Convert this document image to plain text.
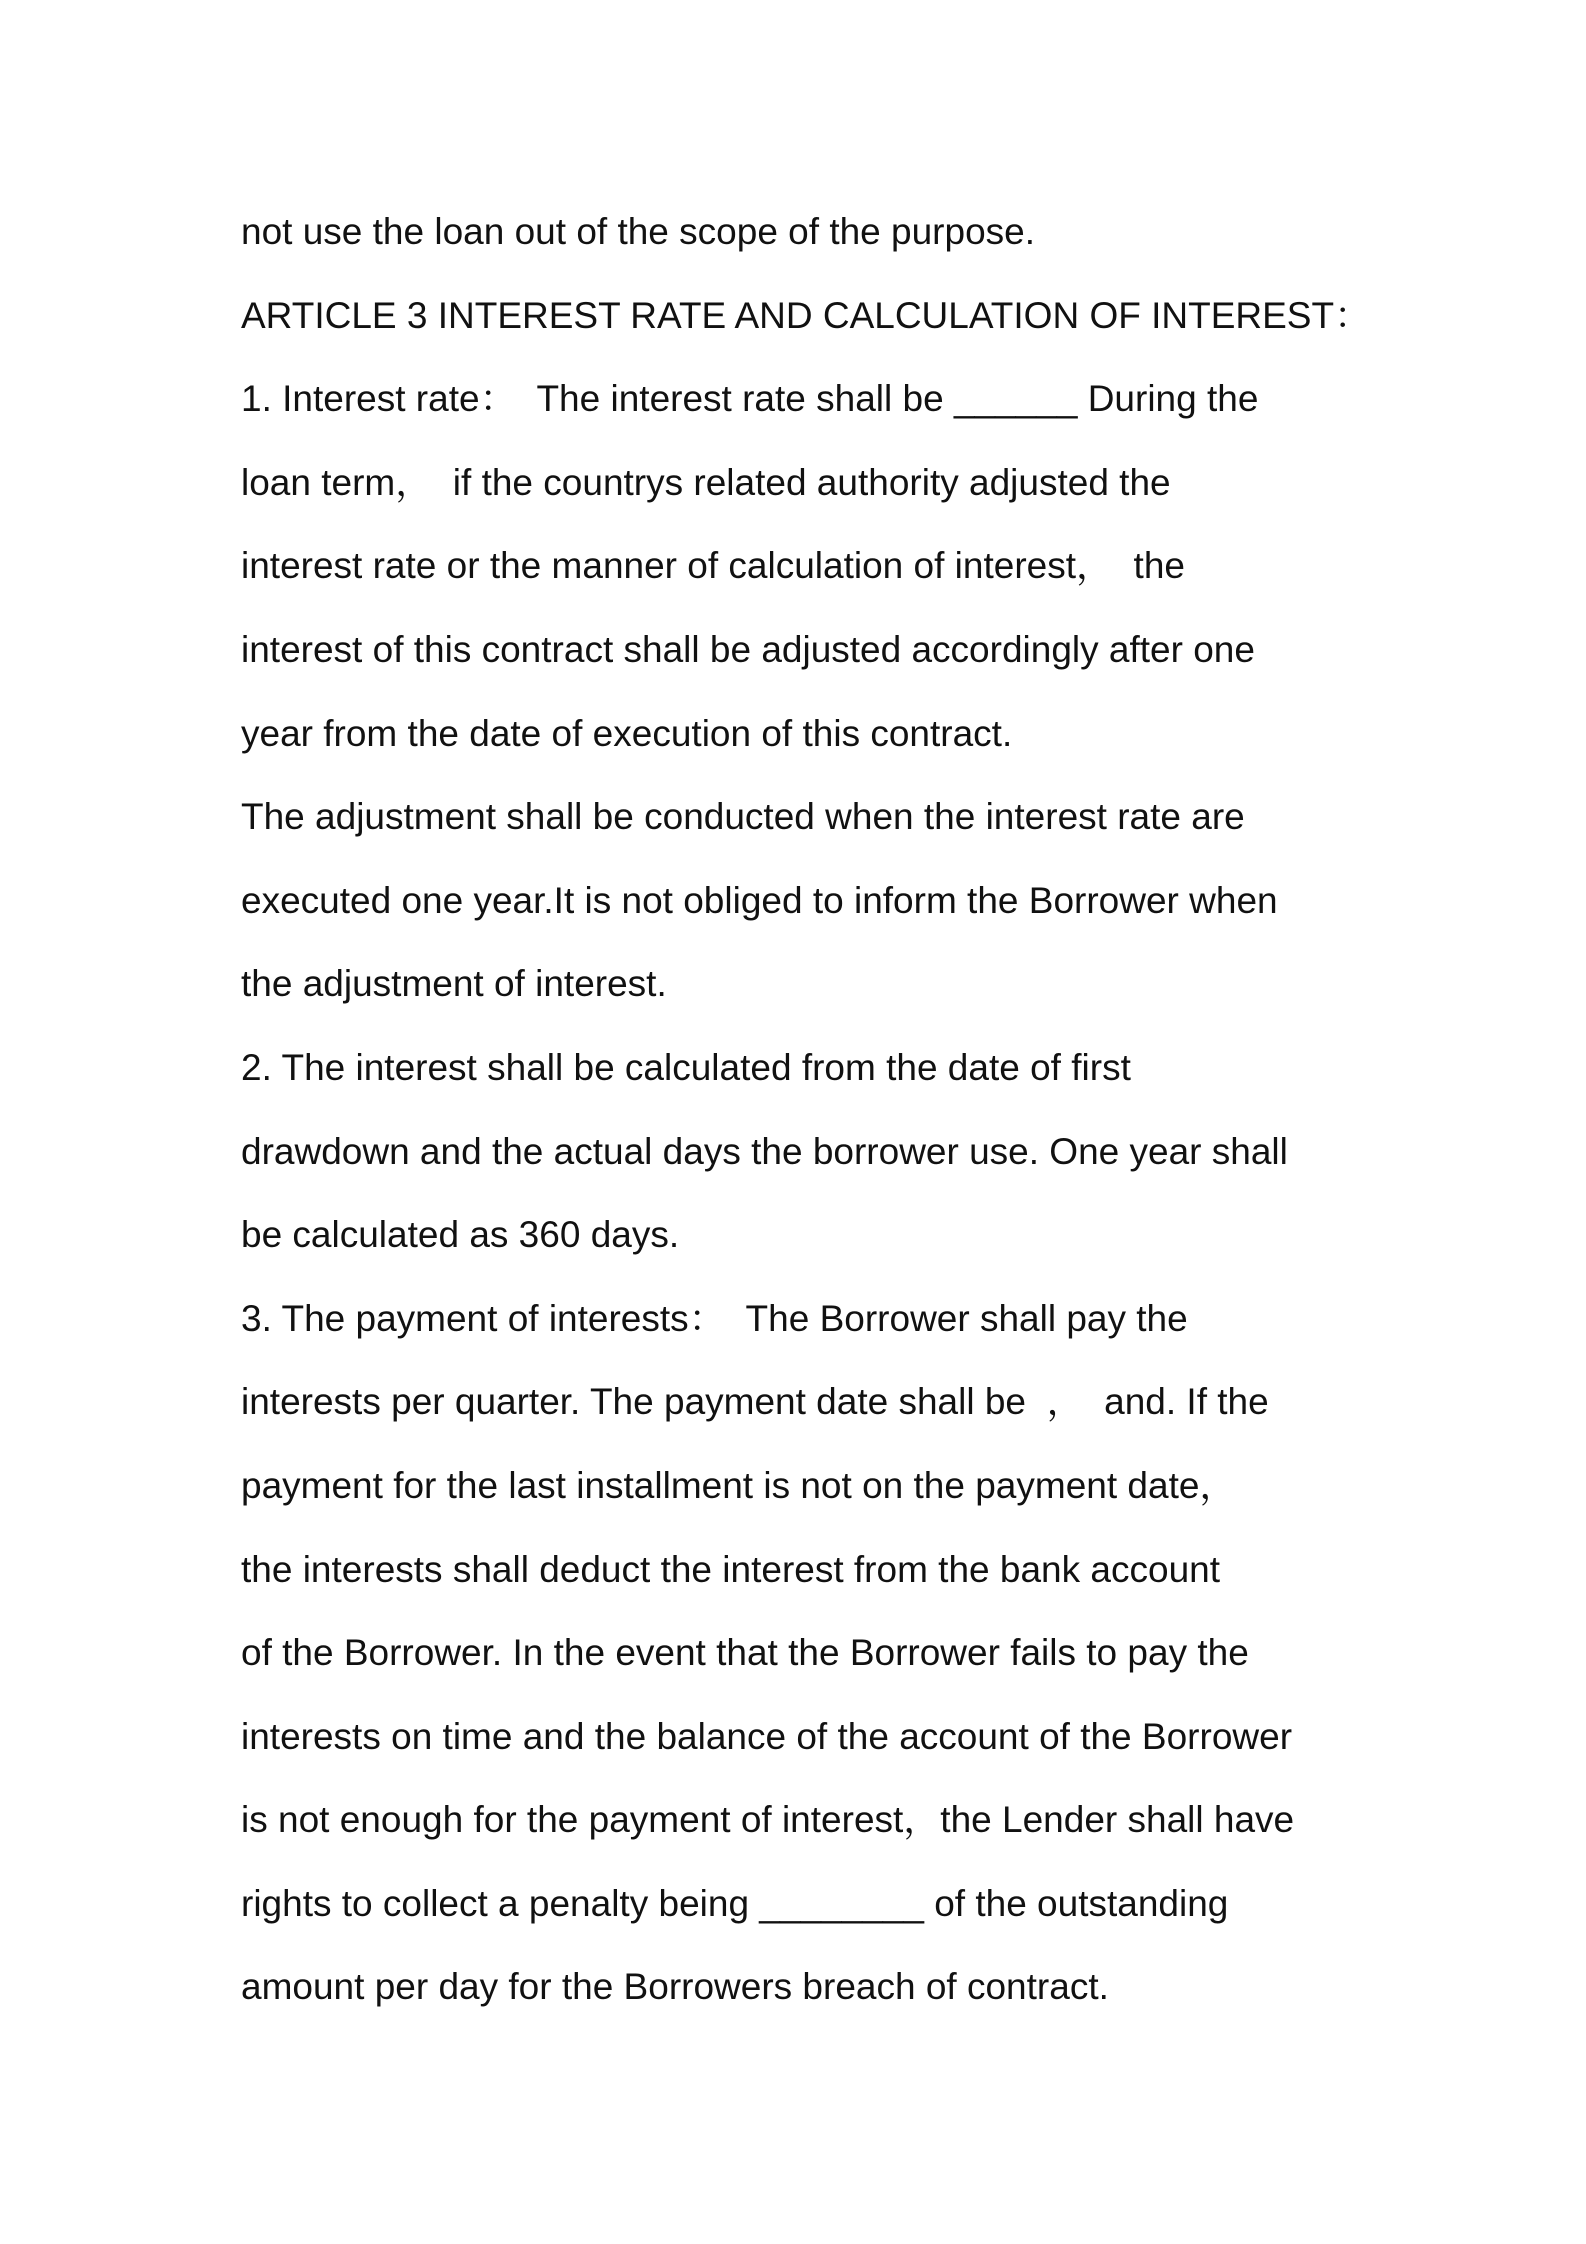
not use the loan out of the scope of the purpose.
ARTICLE 3 INTEREST RATE AND CALCULATION OF INTEREST：
1. Interest rate：  The interest rate shall be ______ During the
loan term，  if the countrys related authority adjusted the
interest rate or the manner of calculation of interest，  the
interest of this contract shall be adjusted accordingly after one
year from the date of execution of this contract.
The adjustment shall be conducted when the interest rate are
executed one year.It is not obliged to inform the Borrower when
the adjustment of interest.
2. The interest shall be calculated from the date of first
drawdown and the actual days the borrower use. One year shall
be calculated as 360 days.
3. The payment of interests：  The Borrower shall pay the
interests per quarter. The payment date shall be  ，  and. If the
payment for the last installment is not on the payment date，
the interests shall deduct the interest from the bank account
of the Borrower. In the event that the Borrower fails to pay the
interests on time and the balance of the account of the Borrower
is not enough for the payment of interest，the Lender shall have
rights to collect a penalty being ________ of the outstanding
amount per day for the Borrowers breach of contract.
